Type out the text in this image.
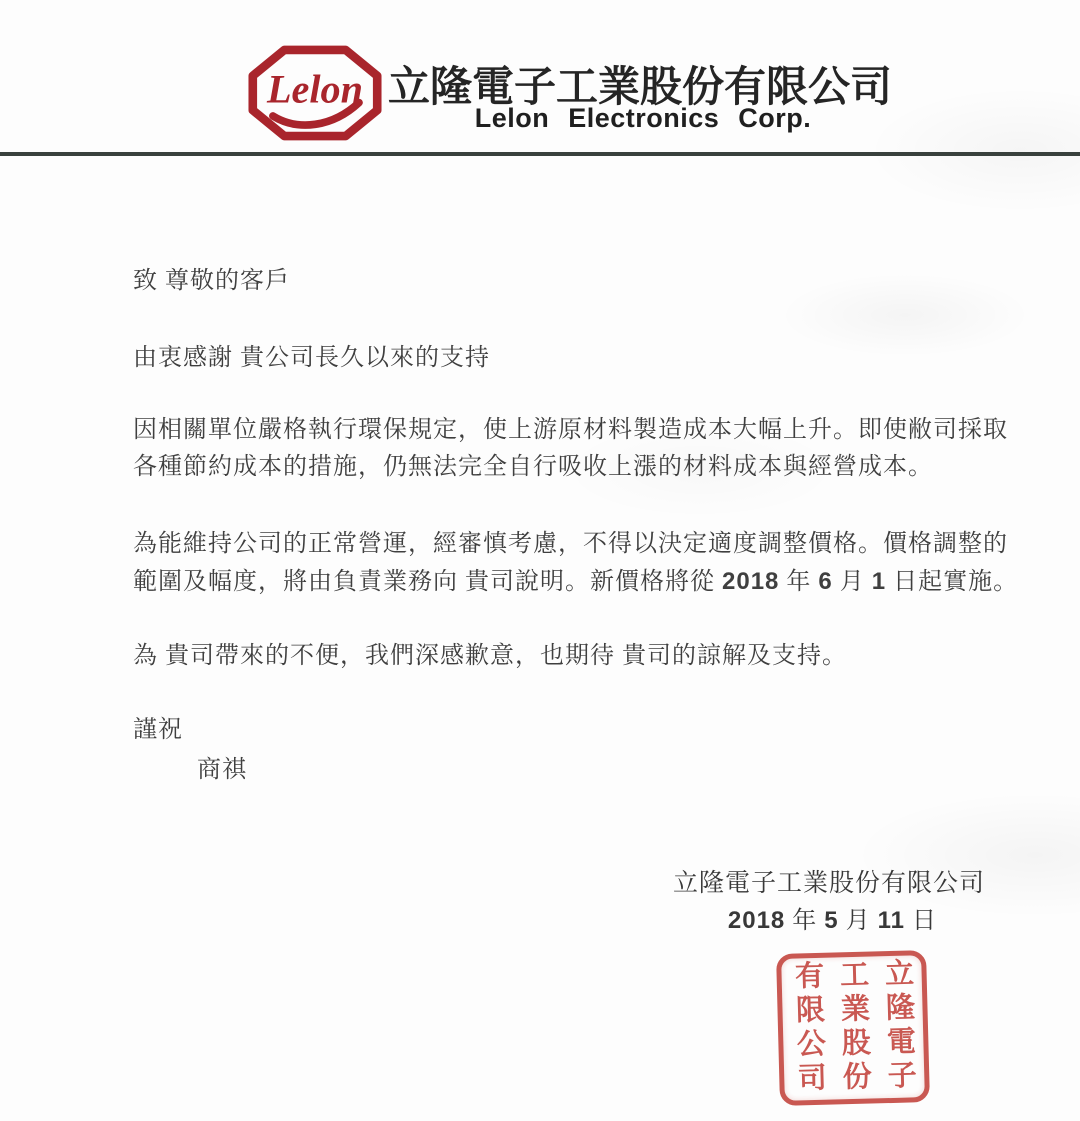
Lelon 立隆電子工業股份有限公司
Lelon Electronics Corp.
致 尊敬的客戶
由衷感謝 貴公司長久以來的支持
因相關單位嚴格執行環保規定，使上游原材料製造成本大幅上升。即使敝司採取
各種節約成本的措施，仍無法完全自行吸收上漲的材料成本與經營成本。
為能維持公司的正常營運，經審慎考慮，不得以決定適度調整價格。價格調整的
範圍及幅度，將由負責業務向 貴司說明。新價格將從 2018 年 6 月 1 日起實施。
為 貴司帶來的不便，我們深感歉意，也期待 貴司的諒解及支持。
謹祝
商祺
立隆電子工業股份有限公司
2018 年 5 月 11 日
立隆電子工業股份有限公司
